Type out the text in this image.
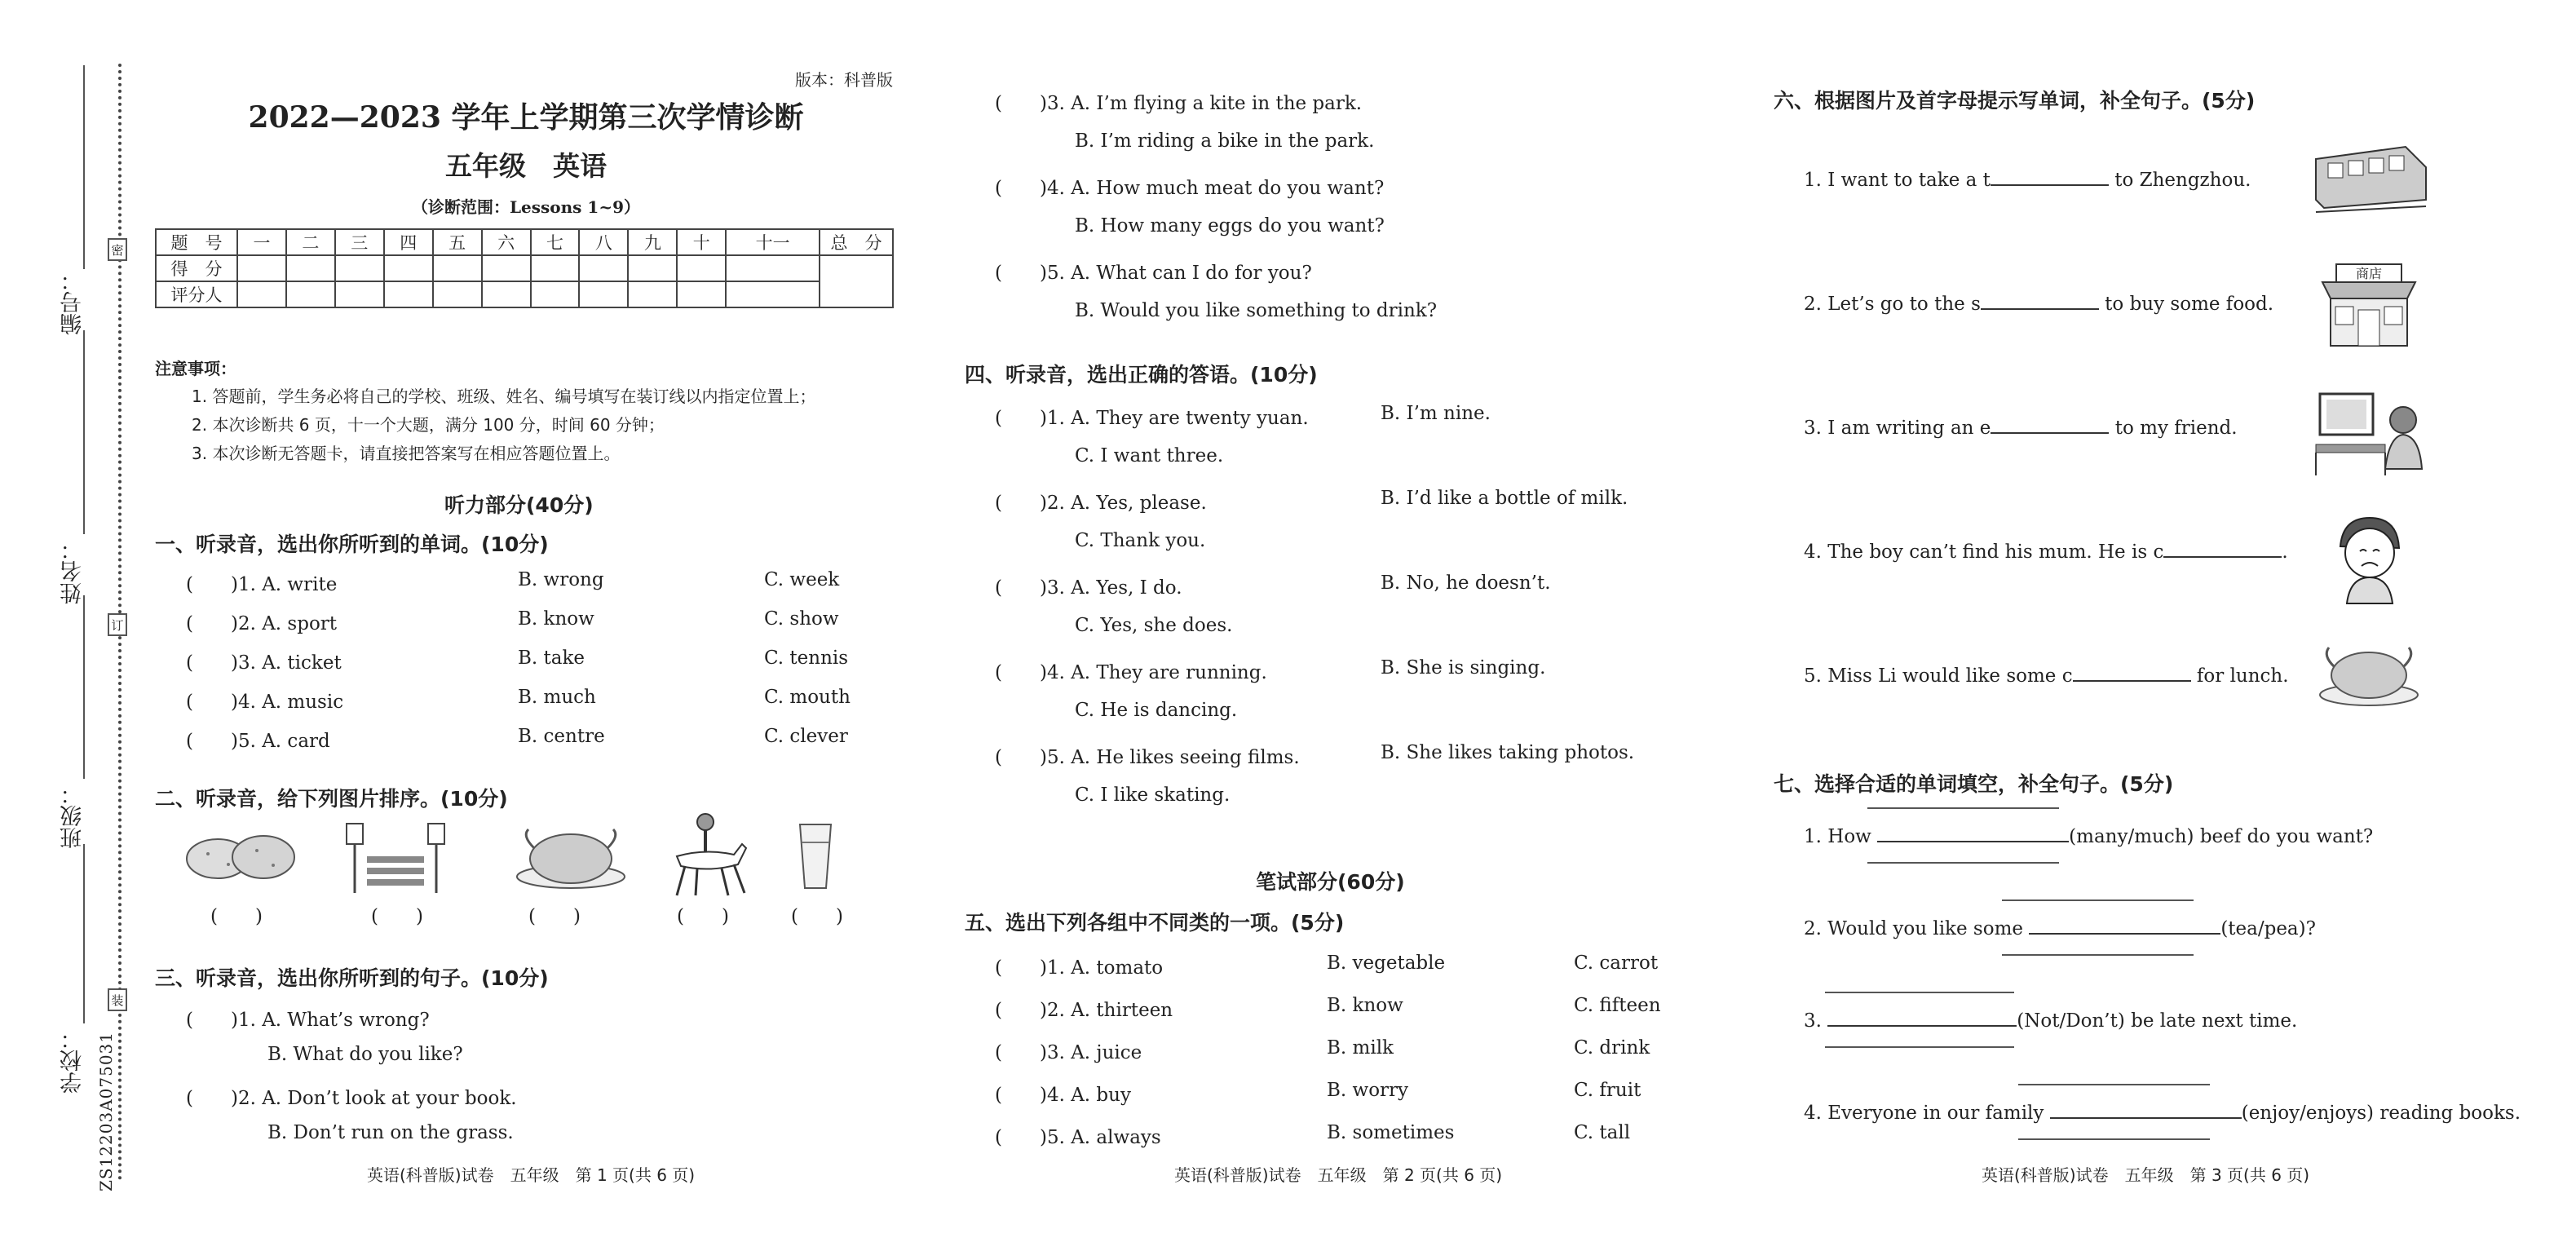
编号：
姓名：
班级：
学校：
密
订
装
ZS12203A075031
版本：科普版
2022—2023 学年上学期第三次学情诊断
五年级　英语
（诊断范围：Lessons 1~9）
题　号	一	二	三	四	五	六	七	八	九	十	十一	总　分
得　分												
评分人												
注意事项：
1. 答题前，学生务必将自己的学校、班级、姓名、编号填写在装订线以内指定位置上；
2. 本次诊断共 6 页，十一个大题，满分 100 分，时间 60 分钟；
3. 本次诊断无答题卡，请直接把答案写在相应答题位置上。
听力部分(40分)
一、听录音，选出你所听到的单词。(10分)
(　　)1. A. write	B. wrong	C. week
(　　)2. A. sport	B. know	C. show
(　　)3. A. ticket	B. take	C. tennis
(　　)4. A. music	B. much	C. mouth
(　　)5. A. card	B. centre	C. clever
二、听录音，给下列图片排序。(10分)
(　　)	(　　)	(　　)	(　　)	(　　)
三、听录音，选出你所听到的句子。(10分)
(　　)1. A. What’s wrong?
B. What do you like?
(　　)2. A. Don’t look at your book.
B. Don’t run on the grass.
英语(科普版)试卷　五年级　第 1 页(共 6 页)
(　　)3. A. I’m flying a kite in the park.
B. I’m riding a bike in the park.
(　　)4. A. How much meat do you want?
B. How many eggs do you want?
(　　)5. A. What can I do for you?
B. Would you like something to drink?
四、听录音，选出正确的答语。(10分)
(　　)1. A. They are twenty yuan.	B. I’m nine.
C. I want three.
(　　)2. A. Yes, please.	B. I’d like a bottle of milk.
C. Thank you.
(　　)3. A. Yes, I do.	B. No, he doesn’t.
C. Yes, she does.
(　　)4. A. They are running.	B. She is singing.
C. He is dancing.
(　　)5. A. He likes seeing films.	B. She likes taking photos.
C. I like skating.
笔试部分(60分)
五、选出下列各组中不同类的一项。(5分)
(　　)1. A. tomato	B. vegetable	C. carrot
(　　)2. A. thirteen	B. know	C. fifteen
(　　)3. A. juice	B. milk	C. drink
(　　)4. A. buy	B. worry	C. fruit
(　　)5. A. always	B. sometimes	C. tall
英语(科普版)试卷　五年级　第 2 页(共 6 页)
六、根据图片及首字母提示写单词，补全句子。(5分)
1. I want to take a t	to Zhengzhou.
2. Let’s go to the s	to buy some food.
3. I am writing an e	to my friend.
4. The boy can’t find his mum. He is c	.
5. Miss Li would like some c	for lunch.
商店
七、选择合适的单词填空，补全句子。(5分)
1. How	(many/much) beef do you want?
2. Would you like some	(tea/pea)?
3.	(Not/Don’t) be late next time.
4. Everyone in our family	(enjoy/enjoys) reading books.
英语(科普版)试卷　五年级　第 3 页(共 6 页)
